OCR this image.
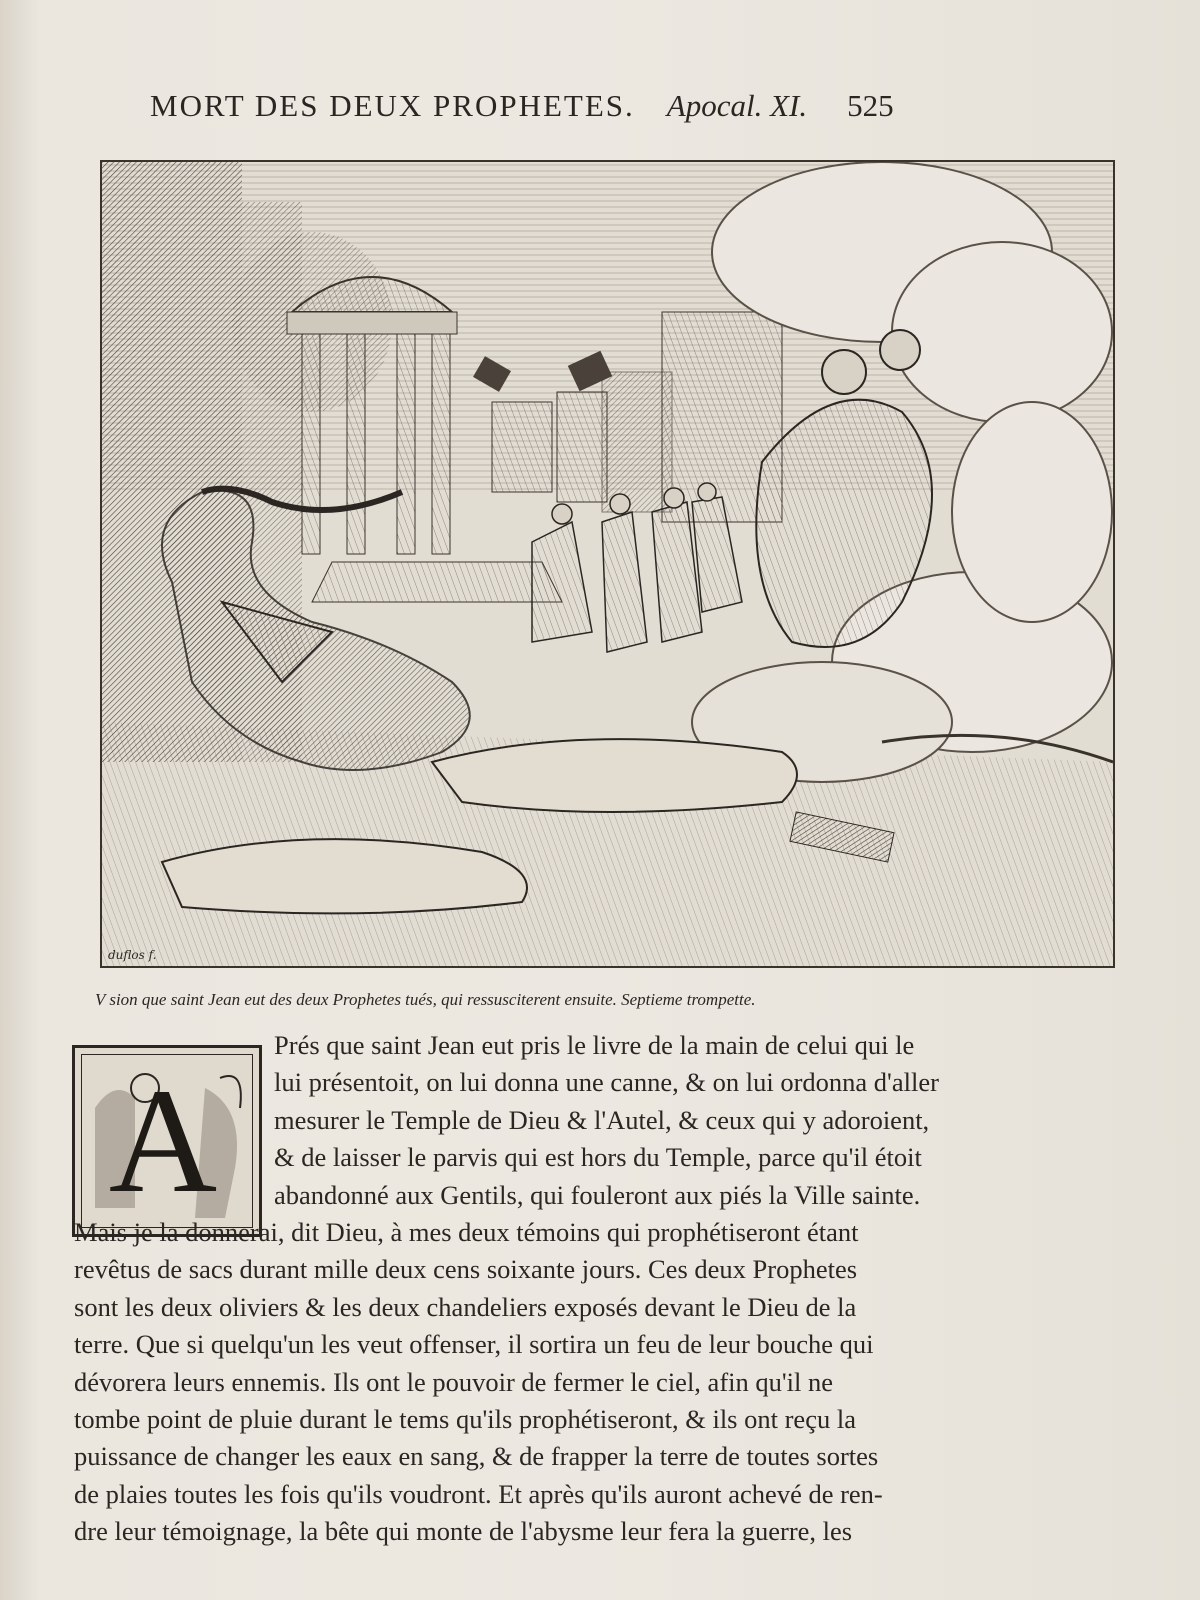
MORT DES DEUX PROPHETES. Apocal. XI. 525
duflos f.
V sion que saint Jean eut des deux Prophetes tués, qui ressusciterent ensuite. Septieme trompette.
A
Prés que saint Jean eut pris le livre de la main de celui qui le
lui présentoit, on lui donna une canne, & on lui ordonna d'aller
mesurer le Temple de Dieu & l'Autel, & ceux qui y adoroient,
& de laisser le parvis qui est hors du Temple, parce qu'il étoit
abandonné aux Gentils, qui fouleront aux piés la Ville sainte.
Mais je la donnerai, dit Dieu, à mes deux témoins qui prophétiseront étant
revêtus de sacs durant mille deux cens soixante jours. Ces deux Prophetes
sont les deux oliviers & les deux chandeliers exposés devant le Dieu de la
terre. Que si quelqu'un les veut offenser, il sortira un feu de leur bouche qui
dévorera leurs ennemis. Ils ont le pouvoir de fermer le ciel, afin qu'il ne
tombe point de pluie durant le tems qu'ils prophétiseront, & ils ont reçu la
puissance de changer les eaux en sang, & de frapper la terre de toutes sortes
de plaies toutes les fois qu'ils voudront. Et après qu'ils auront achevé de ren-
dre leur témoignage, la bête qui monte de l'abysme leur fera la guerre, les
